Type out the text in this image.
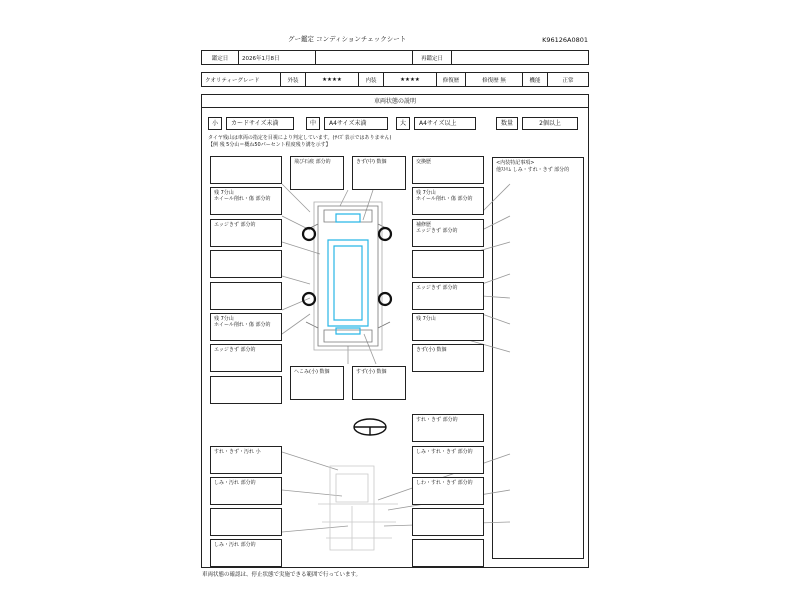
グー鑑定 コンディションチェックシート	K96126A0801
鑑定日	2026年1月8日		再鑑定日	
クオリティーグレード	外装	★★★★	内装	★★★★	修復歴	修復歴 無	機能	正常
車両状態の説明
小	カードサイズ未満	中	A4サイズ未満	大	A4サイズ以上	数量	2個以上
タイヤ残山は車両の指定を目視により判定しています。(ｻｲｽﾞ表示ではありません)
【例 残 5分山＝概ね50パーセント程度残り溝を示す】
<内装特記事項>
他ｽﾄﾘﾑ しみ・すれ・きず 部分的
残 7分山
ホイール削れ・傷 部分的
エッジきず 部分的
残 7分山
ホイール削れ・傷 部分的
エッジきず 部分的
すれ・きず・汚れ 小
しみ・汚れ 部分的
しみ・汚れ 部分的
飛び石痕 部分的	きず(中) 数個	交換歴
残 7分山
ホイール削れ・傷 部分的
補修歴
エッジきず 部分的
エッジきず 部分的
残 7分山
きず(小) 数個
へこみ(小) 数個	すず(小) 数個
すれ・きず 部分的
しみ・すれ・きず 部分的
しわ・すれ・きず 部分的
車両状態の確認は、停止状態で実施できる範囲で行っています。
